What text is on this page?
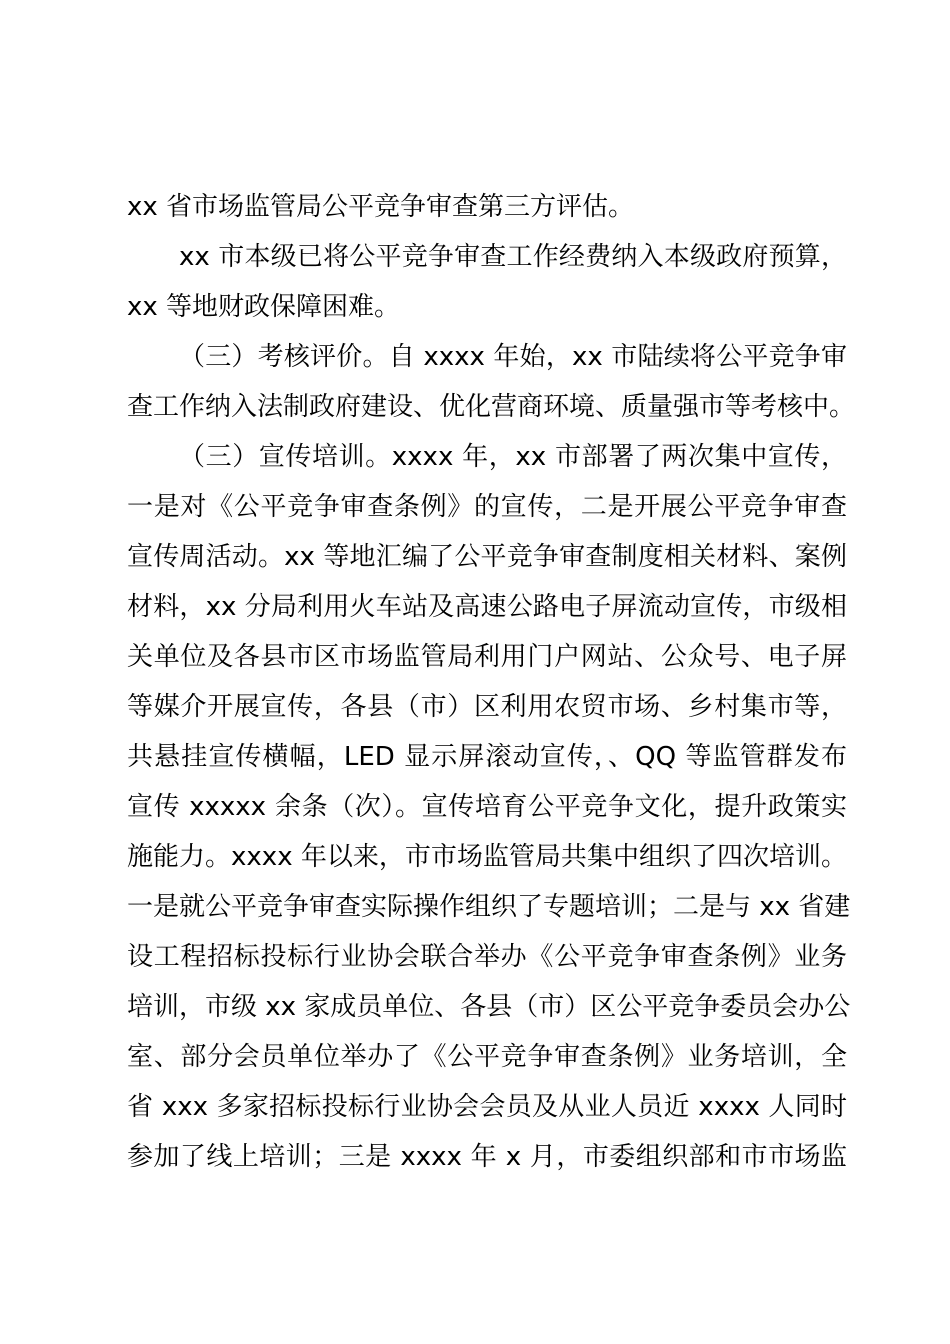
xx 省市场监管局公平竞争审查第三方评估。
xx 市本级已将公平竞争审查工作经费纳入本级政府预算，
xx 等地财政保障困难。
（三）考核评价。自 xxxx 年始，xx 市陆续将公平竞争审
查工作纳入法制政府建设、优化营商环境、质量强市等考核中。
（三）宣传培训。xxxx 年，xx 市部署了两次集中宣传，
一是对《公平竞争审查条例》的宣传，二是开展公平竞争审查
宣传周活动。xx 等地汇编了公平竞争审查制度相关材料、案例
材料，xx 分局利用火车站及高速公路电子屏流动宣传，市级相
关单位及各县市区市场监管局利用门户网站、公众号、电子屏
等媒介开展宣传，各县（市）区利用农贸市场、乡村集市等，
共悬挂宣传横幅，LED 显示屏滚动宣传，、QQ 等监管群发布
宣传 xxxxx 余条（次）。宣传培育公平竞争文化，提升政策实
施能力。xxxx 年以来，市市场监管局共集中组织了四次培训。
一是就公平竞争审查实际操作组织了专题培训；二是与 xx 省建
设工程招标投标行业协会联合举办《公平竞争审查条例》业务
培训，市级 xx 家成员单位、各县（市）区公平竞争委员会办公
室、部分会员单位举办了《公平竞争审查条例》业务培训，全
省 xxx 多家招标投标行业协会会员及从业人员近 xxxx 人同时
参加了线上培训；三是 xxxx 年 x 月，市委组织部和市市场监
